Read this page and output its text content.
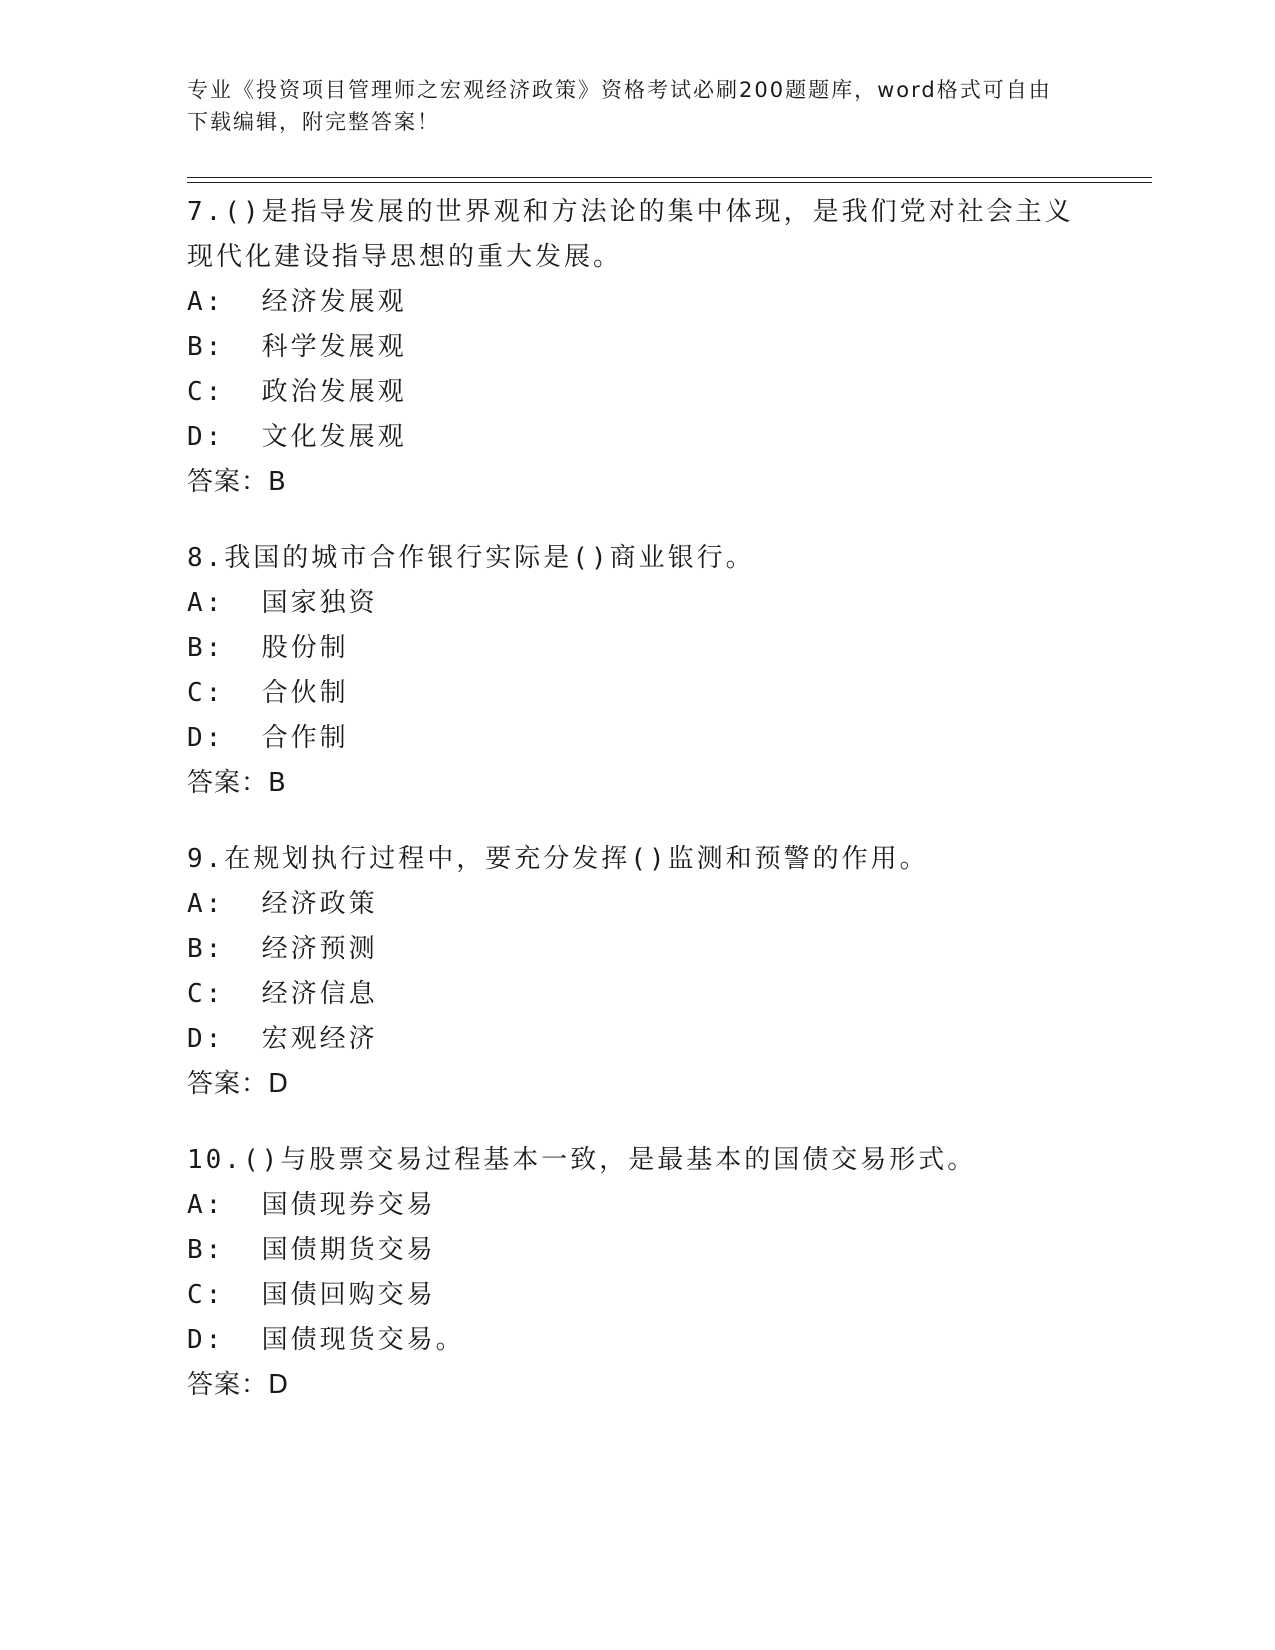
专业《投资项目管理师之宏观经济政策》资格考试必刷200题题库，word格式可自由下载编辑，附完整答案！

7.()是指导发展的世界观和方法论的集中体现，是我们党对社会主义现代化建设指导思想的重大发展。

A:  经济发展观

B:  科学发展观

C:  政治发展观

D:  文化发展观

答案：B

8.我国的城市合作银行实际是()商业银行。

A:  国家独资

B:  股份制

C:  合伙制

D:  合作制

答案：B

9.在规划执行过程中，要充分发挥()监测和预警的作用。

A:  经济政策

B:  经济预测

C:  经济信息

D:  宏观经济

答案：D

10.()与股票交易过程基本一致，是最基本的国债交易形式。

A:  国债现券交易

B:  国债期货交易

C:  国债回购交易

D:  国债现货交易。

答案：D
